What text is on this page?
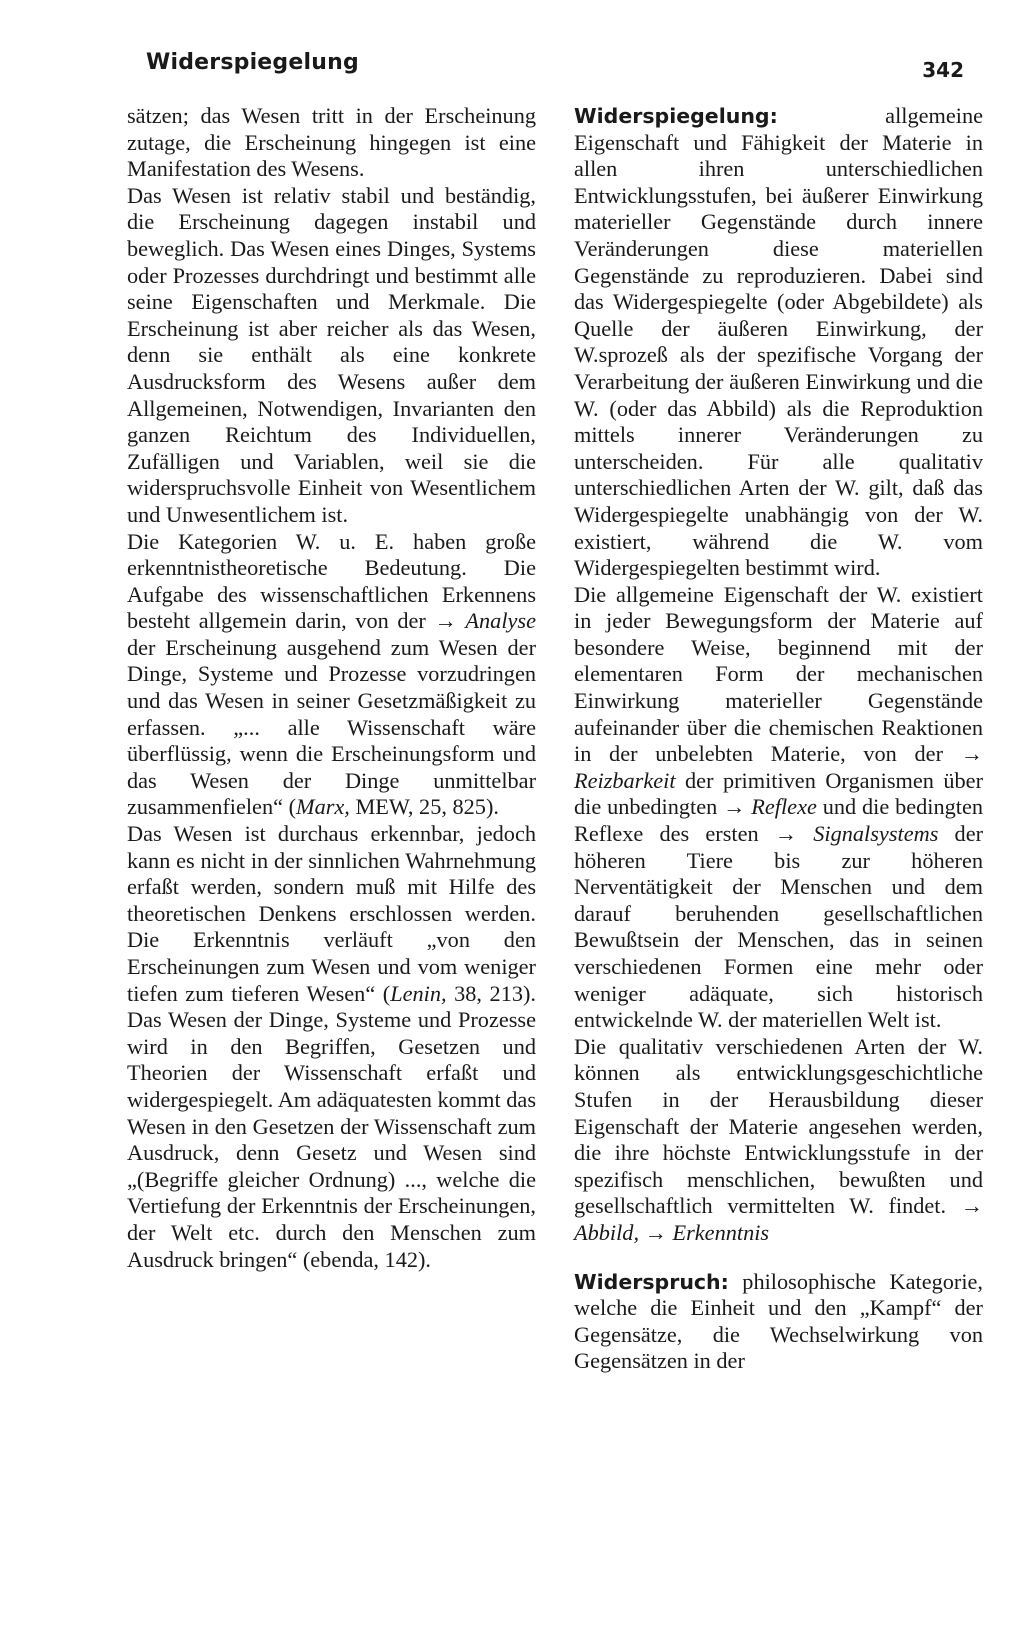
Widerspiegelung	342

sätzen; das Wesen tritt in der Erscheinung zutage, die Erscheinung hingegen ist eine Manifestation des Wesens.

Das Wesen ist relativ stabil und beständig, die Erscheinung dagegen instabil und beweglich. Das Wesen eines Dinges, Systems oder Prozesses durchdringt und bestimmt alle seine Eigenschaften und Merkmale. Die Erscheinung ist aber reicher als das Wesen, denn sie enthält als eine konkrete Ausdrucksform des Wesens außer dem Allgemeinen, Notwendigen, Invarianten den ganzen Reichtum des Individuellen, Zufälligen und Variablen, weil sie die widerspruchsvolle Einheit von Wesentlichem und Unwesentlichem ist.

Die Kategorien W. u. E. haben große erkenntnistheoretische Bedeutung. Die Aufgabe des wissenschaftlichen Erkennens besteht allgemein darin, von der → Analyse der Erscheinung ausgehend zum Wesen der Dinge, Systeme und Prozesse vorzudringen und das Wesen in seiner Gesetzmäßigkeit zu erfassen. „... alle Wissenschaft wäre überflüssig, wenn die Erscheinungsform und das Wesen der Dinge unmittelbar zusammenfielen“ (Marx, MEW, 25, 825).

Das Wesen ist durchaus erkennbar, jedoch kann es nicht in der sinnlichen Wahrnehmung erfaßt werden, sondern muß mit Hilfe des theoretischen Denkens erschlossen werden. Die Erkenntnis verläuft „von den Erscheinungen zum Wesen und vom weniger tiefen zum tieferen Wesen“ (Lenin, 38, 213). Das Wesen der Dinge, Systeme und Prozesse wird in den Begriffen, Gesetzen und Theorien der Wissenschaft erfaßt und widergespiegelt. Am adäquatesten kommt das Wesen in den Gesetzen der Wissenschaft zum Ausdruck, denn Gesetz und Wesen sind „(Begriffe gleicher Ordnung) ..., welche die Vertiefung der Erkenntnis der Erscheinungen, der Welt etc. durch den Menschen zum Ausdruck bringen“ (ebenda, 142).

Widerspiegelung: allgemeine Eigenschaft und Fähigkeit der Materie in allen ihren unterschiedlichen Entwicklungsstufen, bei äußerer Einwirkung materieller Gegenstände durch innere Veränderungen diese materiellen Gegenstände zu reproduzieren. Dabei sind das Widergespiegelte (oder Abgebildete) als Quelle der äußeren Einwirkung, der W.sprozeß als der spezifische Vorgang der Verarbeitung der äußeren Einwirkung und die W. (oder das Abbild) als die Reproduktion mittels innerer Veränderungen zu unterscheiden. Für alle qualitativ unterschiedlichen Arten der W. gilt, daß das Widergespiegelte unabhängig von der W. existiert, während die W. vom Widergespiegelten bestimmt wird.

Die allgemeine Eigenschaft der W. existiert in jeder Bewegungsform der Materie auf besondere Weise, beginnend mit der elementaren Form der mechanischen Einwirkung materieller Gegenstände aufeinander über die chemischen Reaktionen in der unbelebten Materie, von der → Reizbarkeit der primitiven Organismen über die unbedingten → Reflexe und die bedingten Reflexe des ersten → Signalsystems der höheren Tiere bis zur höheren Nerventätigkeit der Menschen und dem darauf beruhenden gesellschaftlichen Bewußtsein der Menschen, das in seinen verschiedenen Formen eine mehr oder weniger adäquate, sich historisch entwickelnde W. der materiellen Welt ist.

Die qualitativ verschiedenen Arten der W. können als entwicklungsgeschichtliche Stufen in der Herausbildung dieser Eigenschaft der Materie angesehen werden, die ihre höchste Entwicklungsstufe in der spezifisch menschlichen, bewußten und gesellschaftlich vermittelten W. findet. → Abbild, → Erkenntnis

Widerspruch: philosophische Kategorie, welche die Einheit und den „Kampf“ der Gegensätze, die Wechselwirkung von Gegensätzen in der
